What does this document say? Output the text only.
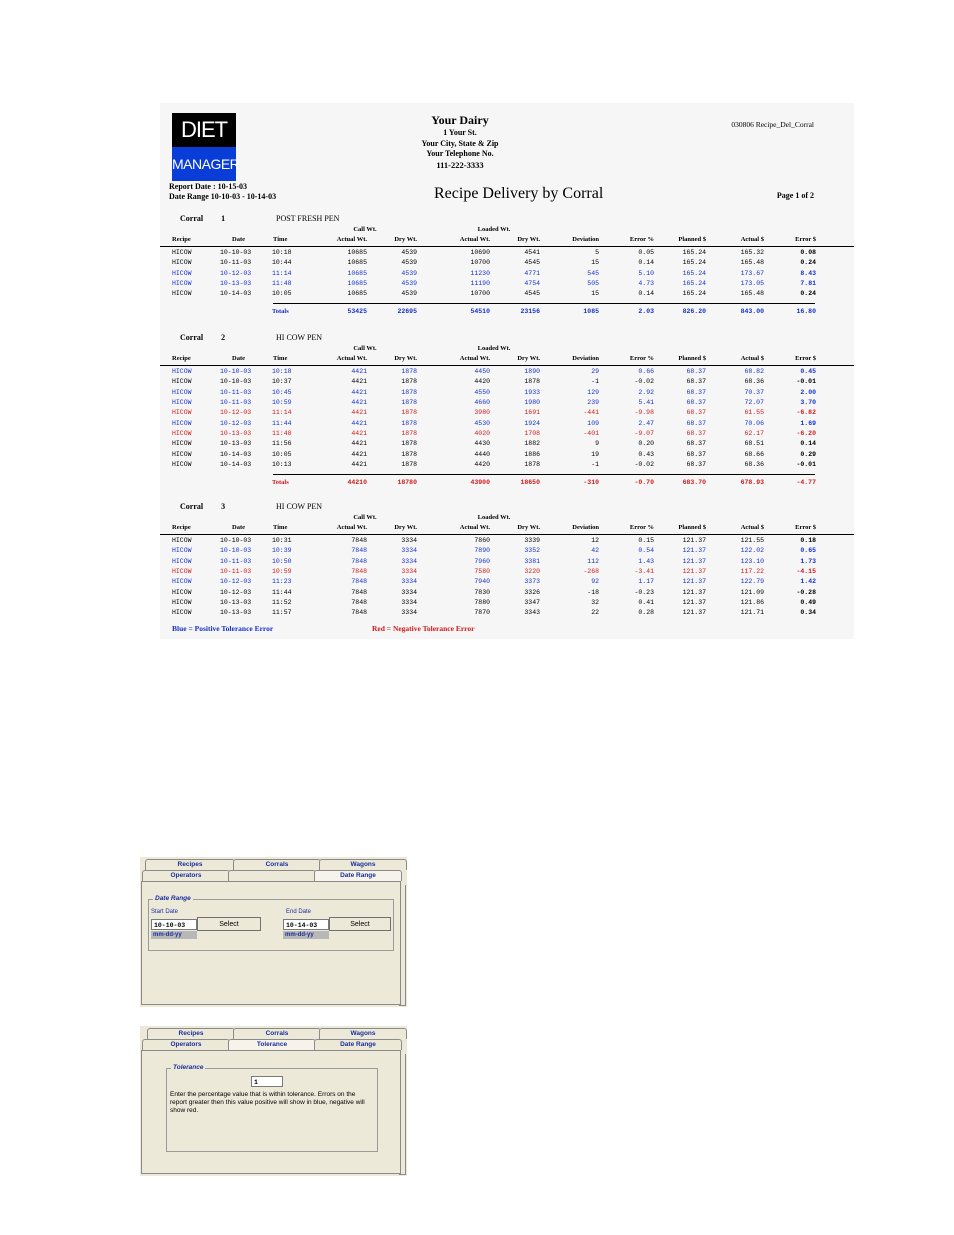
DIET
MANAGER
Your Dairy
1 Your St.
Your City, State & Zip
Your Telephone No.
111-222-3333
030806 Recipe_Del_Corral
Report Date : 10-15-03
Date Range 10-10-03 - 10-14-03	Recipe Delivery by Corral	Page 1 of 2
Corral 1	POST FRESH PEN
Call Wt.	Loaded Wt.
Recipe	Date	Time	Actual Wt.	Dry Wt.	Actual Wt.	Dry Wt.	Deviation	Error %	Planned $	Actual $	Error $
HICOW	10-10-03	10:18	10685	4539	10690	4541	5	0.05	165.24	165.32	0.08
HICOW	10-11-03	10:44	10685	4539	10700	4545	15	0.14	165.24	165.48	0.24
HICOW	10-12-03	11:14	10685	4539	11230	4771	545	5.10	165.24	173.67	8.43
HICOW	10-13-03	11:48	10685	4539	11190	4754	505	4.73	165.24	173.05	7.81
HICOW	10-14-03	10:05	10685	4539	10700	4545	15	0.14	165.24	165.48	0.24
Totals	53425	22695	54510	23156	1085	2.03	826.20	843.00	16.80
Corral 2	HI COW PEN
Call Wt.	Loaded Wt.
Recipe	Date	Time	Actual Wt.	Dry Wt.	Actual Wt.	Dry Wt.	Deviation	Error %	Planned $	Actual $	Error $
HICOW	10-10-03	10:18	4421	1878	4450	1890	29	0.66	68.37	68.82	0.45
HICOW	10-10-03	10:37	4421	1878	4420	1878	-1	-0.02	68.37	68.36	-0.01
HICOW	10-11-03	10:45	4421	1878	4550	1933	129	2.92	68.37	70.37	2.00
HICOW	10-11-03	10:59	4421	1878	4660	1980	239	5.41	68.37	72.07	3.70
HICOW	10-12-03	11:14	4421	1878	3980	1691	-441	-9.98	68.37	61.55	-6.82
HICOW	10-12-03	11:44	4421	1878	4530	1924	109	2.47	68.37	70.06	1.69
HICOW	10-13-03	11:48	4421	1878	4020	1708	-401	-9.07	68.37	62.17	-6.20
HICOW	10-13-03	11:56	4421	1878	4430	1882	9	0.20	68.37	68.51	0.14
HICOW	10-14-03	10:05	4421	1878	4440	1886	19	0.43	68.37	68.66	0.29
HICOW	10-14-03	10:13	4421	1878	4420	1878	-1	-0.02	68.37	68.36	-0.01
Totals	44210	18780	43900	18650	-310	-0.70	683.70	678.93	-4.77
Corral 3	HI COW PEN
Call Wt.	Loaded Wt.
Recipe	Date	Time	Actual Wt.	Dry Wt.	Actual Wt.	Dry Wt.	Deviation	Error %	Planned $	Actual $	Error $
HICOW	10-10-03	10:31	7848	3334	7860	3339	12	0.15	121.37	121.55	0.18
HICOW	10-10-03	10:39	7848	3334	7890	3352	42	0.54	121.37	122.02	0.65
HICOW	10-11-03	10:50	7848	3334	7960	3381	112	1.43	121.37	123.10	1.73
HICOW	10-11-03	10:59	7848	3334	7580	3220	-268	-3.41	121.37	117.22	-4.15
HICOW	10-12-03	11:23	7848	3334	7940	3373	92	1.17	121.37	122.79	1.42
HICOW	10-12-03	11:44	7848	3334	7830	3326	-18	-0.23	121.37	121.09	-0.28
HICOW	10-13-03	11:52	7848	3334	7880	3347	32	0.41	121.37	121.86	0.49
HICOW	10-13-03	11:57	7848	3334	7870	3343	22	0.28	121.37	121.71	0.34
Blue = Positive Tolerance Error	Red = Negative Tolerance Error
Recipes	Corrals	Wagons
Operators	Date Range
Date Range
Start Date
10-10-03
mm-dd-yy
Select
End Date
10-14-03
mm-dd-yy
Select
Recipes	Corrals	Wagons
Operators	Tolerance	Date Range
Tolerance
1
Enter the percentage value that is within tolerance. Errors on the report greater then this value positive will show in blue, negative will show red.
